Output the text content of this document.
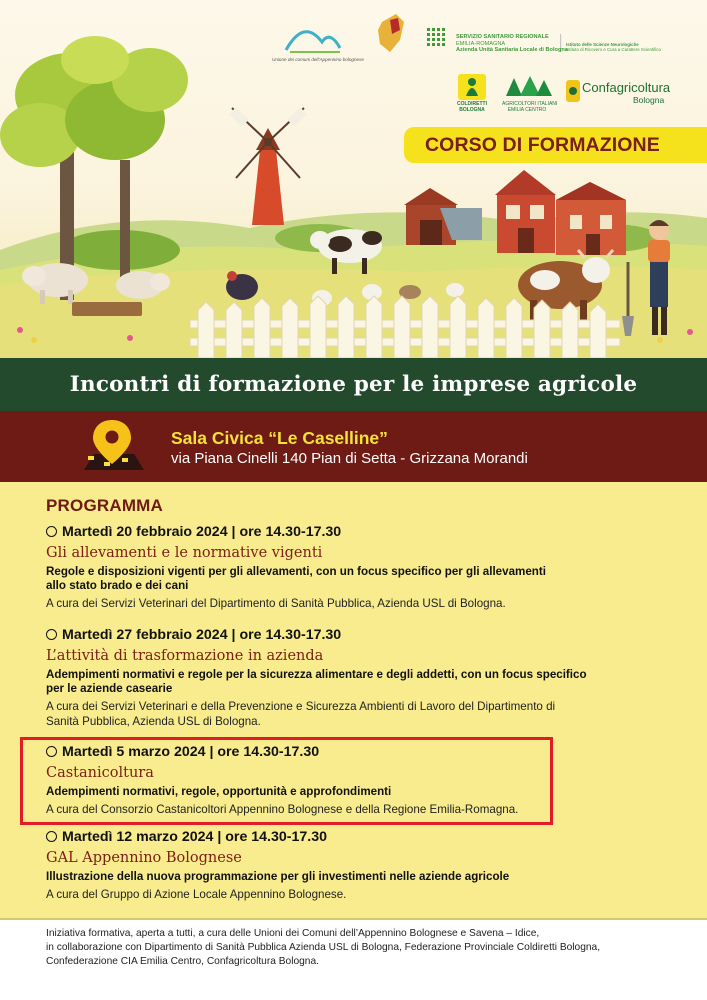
Unione dei comuni dell’Appennino bolognese
SERVIZIO SANITARIO REGIONALE
EMILIA-ROMAGNA
Azienda Unità Sanitaria Locale di Bologna
Istituto delle Scienze Neurologiche
Istituto di Ricovero e Cura a Carattere Scientifico
COLDIRETTI BOLOGNA
AGRICOLTORI ITALIANI
EMILIA CENTRO
Confagricoltura
Bologna
CORSO DI FORMAZIONE
Incontri di formazione per le imprese agricole
Sala Civica “Le Caselline”
via Piana Cinelli 140 Pian di Setta - Grizzana Morandi
PROGRAMMA
Martedì 20 febbraio 2024 | ore 14.30-17.30
Gli allevamenti e le normative vigenti
Regole e disposizioni vigenti per gli allevamenti, con un focus specifico per gli allevamenti
allo stato brado e dei cani
A cura dei Servizi Veterinari del Dipartimento di Sanità Pubblica, Azienda USL di Bologna.
Martedì 27 febbraio 2024 | ore 14.30-17.30
L’attività di trasformazione in azienda
Adempimenti normativi e regole per la sicurezza alimentare e degli addetti, con un focus specifico
per le aziende casearie
A cura dei Servizi Veterinari e della Prevenzione e Sicurezza Ambienti di Lavoro del Dipartimento di
Sanità Pubblica, Azienda USL di Bologna.
Martedì 5 marzo 2024 | ore 14.30-17.30
Castanicoltura
Adempimenti normativi, regole, opportunità e approfondimenti
A cura del Consorzio Castanicoltori Appennino Bolognese e della Regione Emilia-Romagna.
Martedì 12 marzo 2024 | ore 14.30-17.30
GAL Appennino Bolognese
Illustrazione della nuova programmazione per gli investimenti nelle aziende agricole
A cura del Gruppo di Azione Locale Appennino Bolognese.
Iniziativa formativa, aperta a tutti, a cura delle Unioni dei Comuni dell’Appennino Bolognese e Savena – Idice,
in collaborazione con Dipartimento di Sanità Pubblica Azienda USL di Bologna, Federazione Provinciale Coldiretti Bologna,
Confederazione CIA Emilia Centro, Confagricoltura Bologna.
